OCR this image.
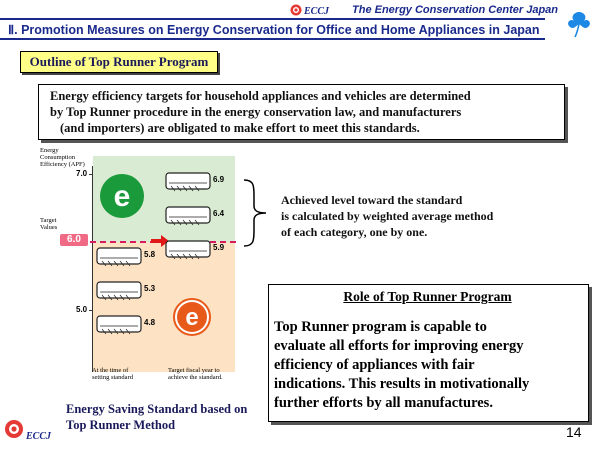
ECCJ The Energy Conservation Center Japan
Ⅱ. Promotion Measures on Energy Conservation for Office and Home Appliances in Japan
Outline of Top Runner Program
Energy efficiency targets for household appliances and vehicles are determined
by Top Runner procedure in the energy conservation law, and manufacturers
(and importers) are obligated to make effort to meet this standards.
Energy
Consumption
Efficiency (APF)
7.0
5.0
Target
Values
6.0
e
e
5.8
5.3
4.8
6.9
6.4
5.9
At the time of
setting standard
Target fiscal year to
achieve the standard.
Energy Saving Standard based on
Top Runner Method
Achieved level toward the standard
is calculated by weighted average method
of each category, one by one.
Role of Top Runner Program
Top Runner program is capable to
evaluate all efforts for improving energy
efficiency of appliances with fair
indications. This results in motivationally
further efforts by all manufactures.
ECCJ	14
